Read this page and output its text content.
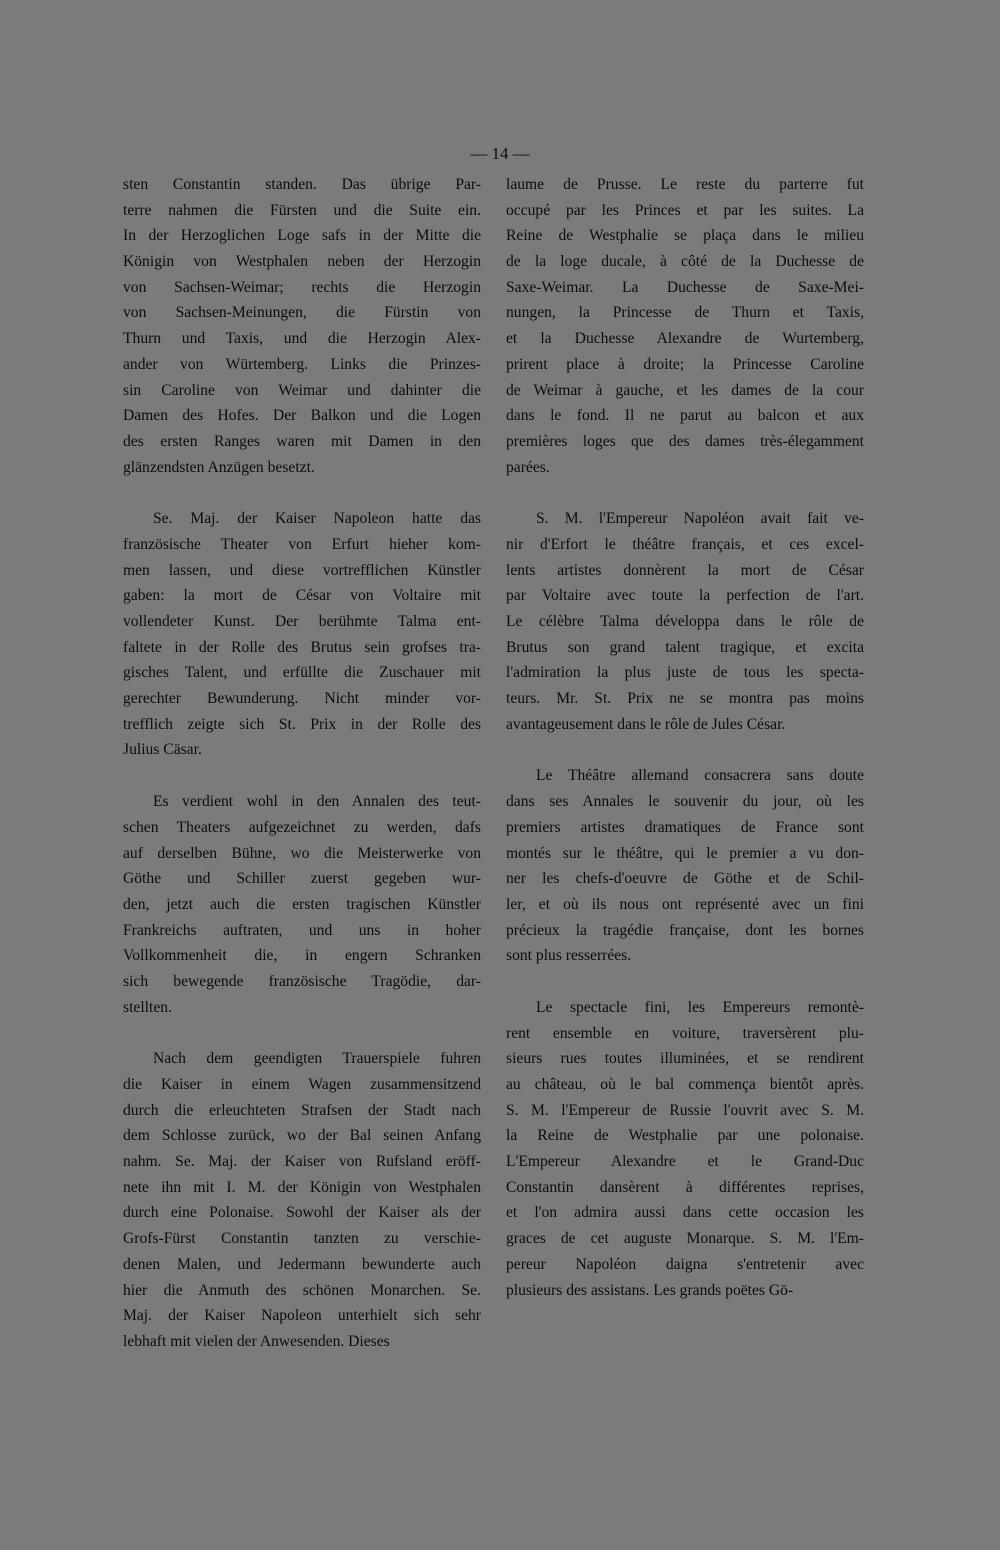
— 14 —
sten Constantin standen. Das übrige Par-
terre nahmen die Fürsten und die Suite ein.
In der Herzoglichen Loge safs in der Mitte die
Königin von Westphalen neben der Herzogin
von Sachsen-Weimar; rechts die Herzogin
von Sachsen-Meinungen, die Fürstin von
Thurn und Taxis, und die Herzogin Alex-
ander von Würtemberg. Links die Prinzes-
sin Caroline von Weimar und dahinter die
Damen des Hofes. Der Balkon und die Logen
des ersten Ranges waren mit Damen in den
glänzendsten Anzügen besetzt.
Se. Maj. der Kaiser Napoleon hatte das
französische Theater von Erfurt hieher kom-
men lassen, und diese vortrefflichen Künstler
gaben: la mort de César von Voltaire mit
vollendeter Kunst. Der berühmte Talma ent-
faltete in der Rolle des Brutus sein grofses tra-
gisches Talent, und erfüllte die Zuschauer mit
gerechter Bewunderung. Nicht minder vor-
trefflich zeigte sich St. Prix in der Rolle des
Julius Cäsar.
Es verdient wohl in den Annalen des teut-
schen Theaters aufgezeichnet zu werden, dafs
auf derselben Bühne, wo die Meisterwerke von
Göthe und Schiller zuerst gegeben wur-
den, jetzt auch die ersten tragischen Künstler
Frankreichs auftraten, und uns in hoher
Vollkommenheit die, in engern Schranken
sich bewegende französische Tragödie, dar-
stellten.
Nach dem geendigten Trauerspiele fuhren
die Kaiser in einem Wagen zusammensitzend
durch die erleuchteten Strafsen der Stadt nach
dem Schlosse zurück, wo der Bal seinen Anfang
nahm. Se. Maj. der Kaiser von Rufsland eröff-
nete ihn mit I. M. der Königin von Westphalen
durch eine Polonaise. Sowohl der Kaiser als der
Grofs-Fürst Constantin tanzten zu verschie-
denen Malen, und Jedermann bewunderte auch
hier die Anmuth des schönen Monarchen. Se.
Maj. der Kaiser Napoleon unterhielt sich sehr
lebhaft mit vielen der Anwesenden. Dieses
laume de Prusse. Le reste du parterre fut
occupé par les Princes et par les suites. La
Reine de Westphalie se plaça dans le milieu
de la loge ducale, à côté de la Duchesse de
Saxe-Weimar. La Duchesse de Saxe-Mei-
nungen, la Princesse de Thurn et Taxis,
et la Duchesse Alexandre de Wurtemberg,
prirent place à droite; la Princesse Caroline
de Weimar à gauche, et les dames de la cour
dans le fond. Il ne parut au balcon et aux
premières loges que des dames très-élegamment
parées.
S. M. l'Empereur Napoléon avait fait ve-
nir d'Erfort le théâtre français, et ces excel-
lents artistes donnèrent la mort de César
par Voltaire avec toute la perfection de l'art.
Le célèbre Talma développa dans le rôle de
Brutus son grand talent tragique, et excita
l'admiration la plus juste de tous les specta-
teurs. Mr. St. Prix ne se montra pas moins
avantageusement dans le rôle de Jules César.
Le Théâtre allemand consacrera sans doute
dans ses Annales le souvenir du jour, où les
premiers artistes dramatiques de France sont
montés sur le théâtre, qui le premier a vu don-
ner les chefs-d'oeuvre de Göthe et de Schil-
ler, et où ils nous ont représenté avec un fini
précieux la tragédie française, dont les bornes
sont plus resserrées.
Le spectacle fini, les Empereurs remontè-
rent ensemble en voiture, traversèrent plu-
sieurs rues toutes illuminées, et se rendirent
au château, où le bal commença bientôt après.
S. M. l'Empereur de Russie l'ouvrit avec S. M.
la Reine de Westphalie par une polonaise.
L'Empereur Alexandre et le Grand-Duc
Constantin dansèrent à différentes reprises,
et l'on admira aussi dans cette occasion les
graces de cet auguste Monarque. S. M. l'Em-
pereur Napoléon daigna s'entretenir avec
plusieurs des assistans. Les grands poëtes Gö-
